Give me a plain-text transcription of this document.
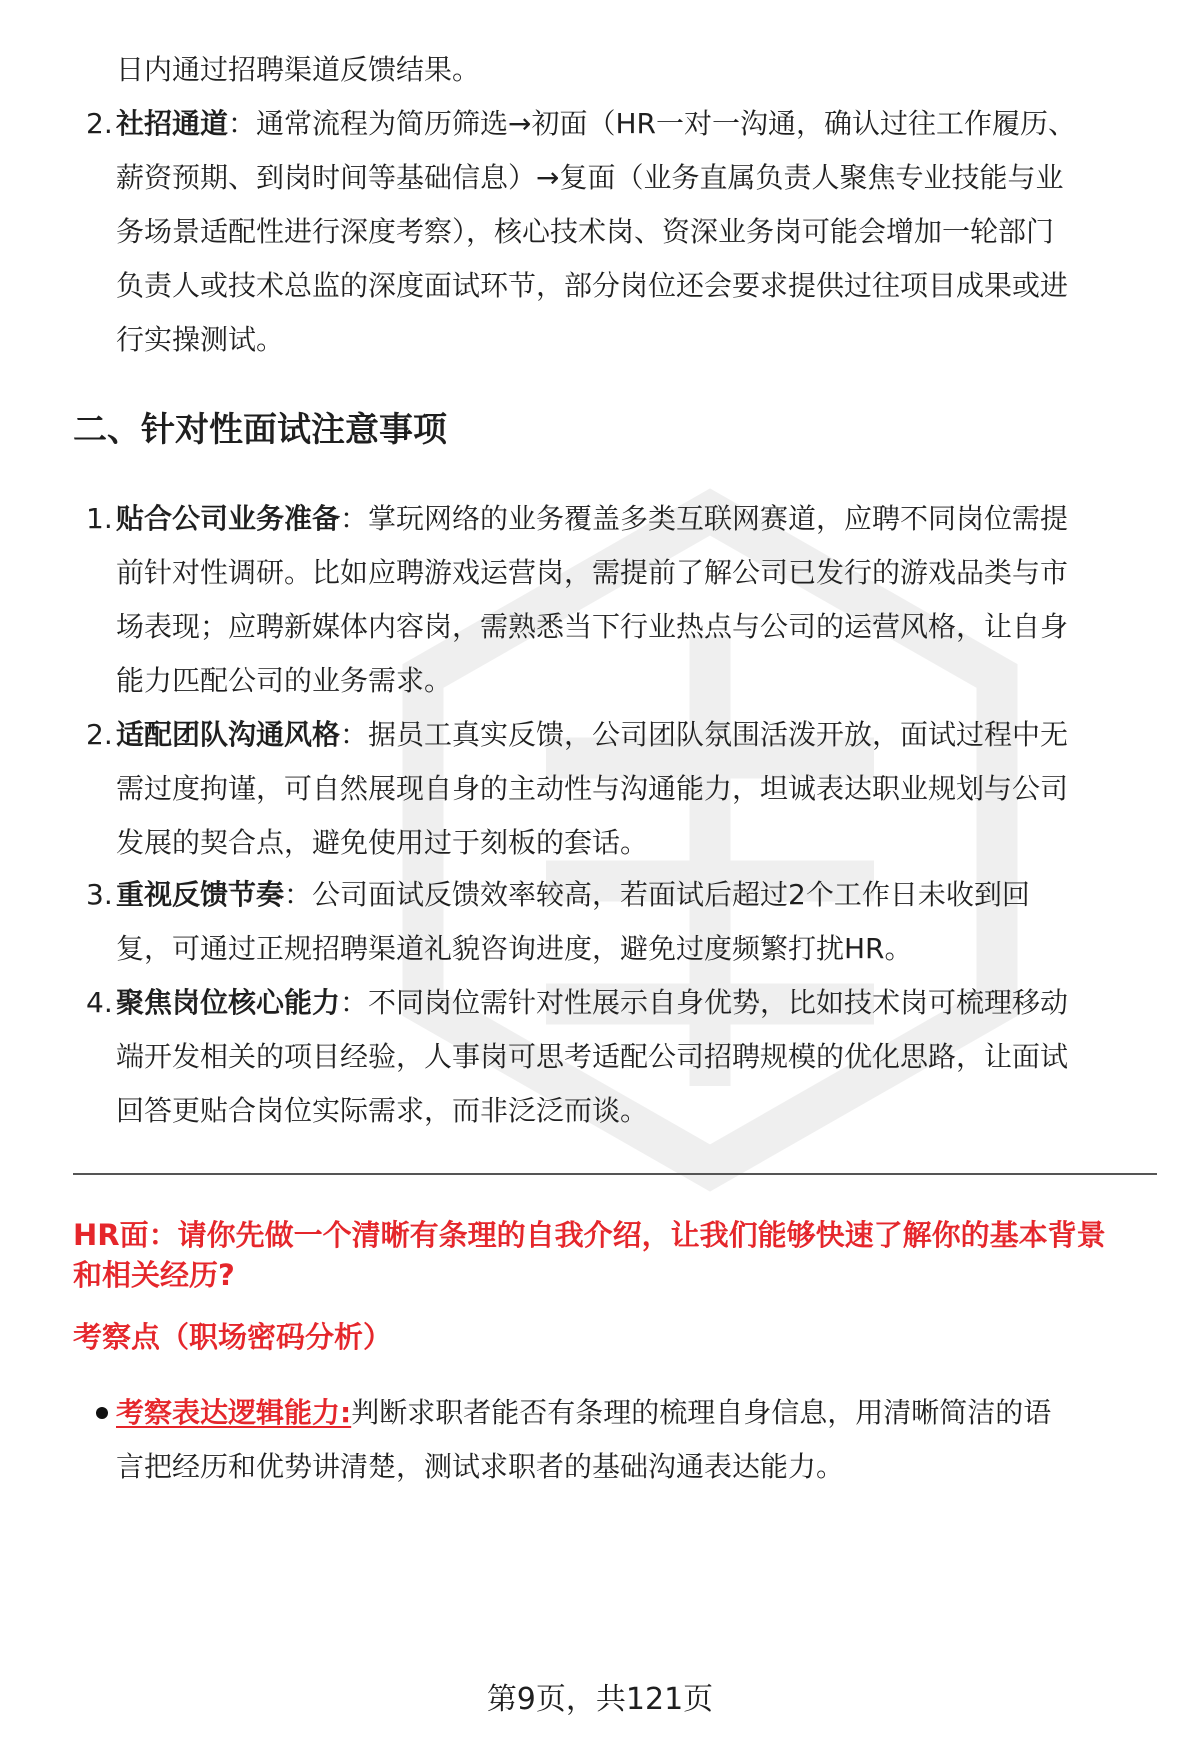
日内通过招聘渠道反馈结果。
2. 社招通道：通常流程为简历筛选→初面（HR一对一沟通，确认过往工作履历、
薪资预期、到岗时间等基础信息）→复面（业务直属负责人聚焦专业技能与业
务场景适配性进行深度考察），核心技术岗、资深业务岗可能会增加一轮部门
负责人或技术总监的深度面试环节，部分岗位还会要求提供过往项目成果或进
行实操测试。
二、针对性面试注意事项
1. 贴合公司业务准备：掌玩网络的业务覆盖多类互联网赛道，应聘不同岗位需提
前针对性调研。比如应聘游戏运营岗，需提前了解公司已发行的游戏品类与市
场表现；应聘新媒体内容岗，需熟悉当下行业热点与公司的运营风格，让自身
能力匹配公司的业务需求。
2. 适配团队沟通风格：据员工真实反馈，公司团队氛围活泼开放，面试过程中无
需过度拘谨，可自然展现自身的主动性与沟通能力，坦诚表达职业规划与公司
发展的契合点，避免使用过于刻板的套话。
3. 重视反馈节奏：公司面试反馈效率较高，若面试后超过2个工作日未收到回
复，可通过正规招聘渠道礼貌咨询进度，避免过度频繁打扰HR。
4. 聚焦岗位核心能力：不同岗位需针对性展示自身优势，比如技术岗可梳理移动
端开发相关的项目经验，人事岗可思考适配公司招聘规模的优化思路，让面试
回答更贴合岗位实际需求，而非泛泛而谈。
HR面：请你先做一个清晰有条理的自我介绍，让我们能够快速了解你的基本背景
和相关经历?
考察点（职场密码分析）
考察表达逻辑能力:判断求职者能否有条理的梳理自身信息，用清晰简洁的语
言把经历和优势讲清楚，测试求职者的基础沟通表达能力。
第9页，共121页
